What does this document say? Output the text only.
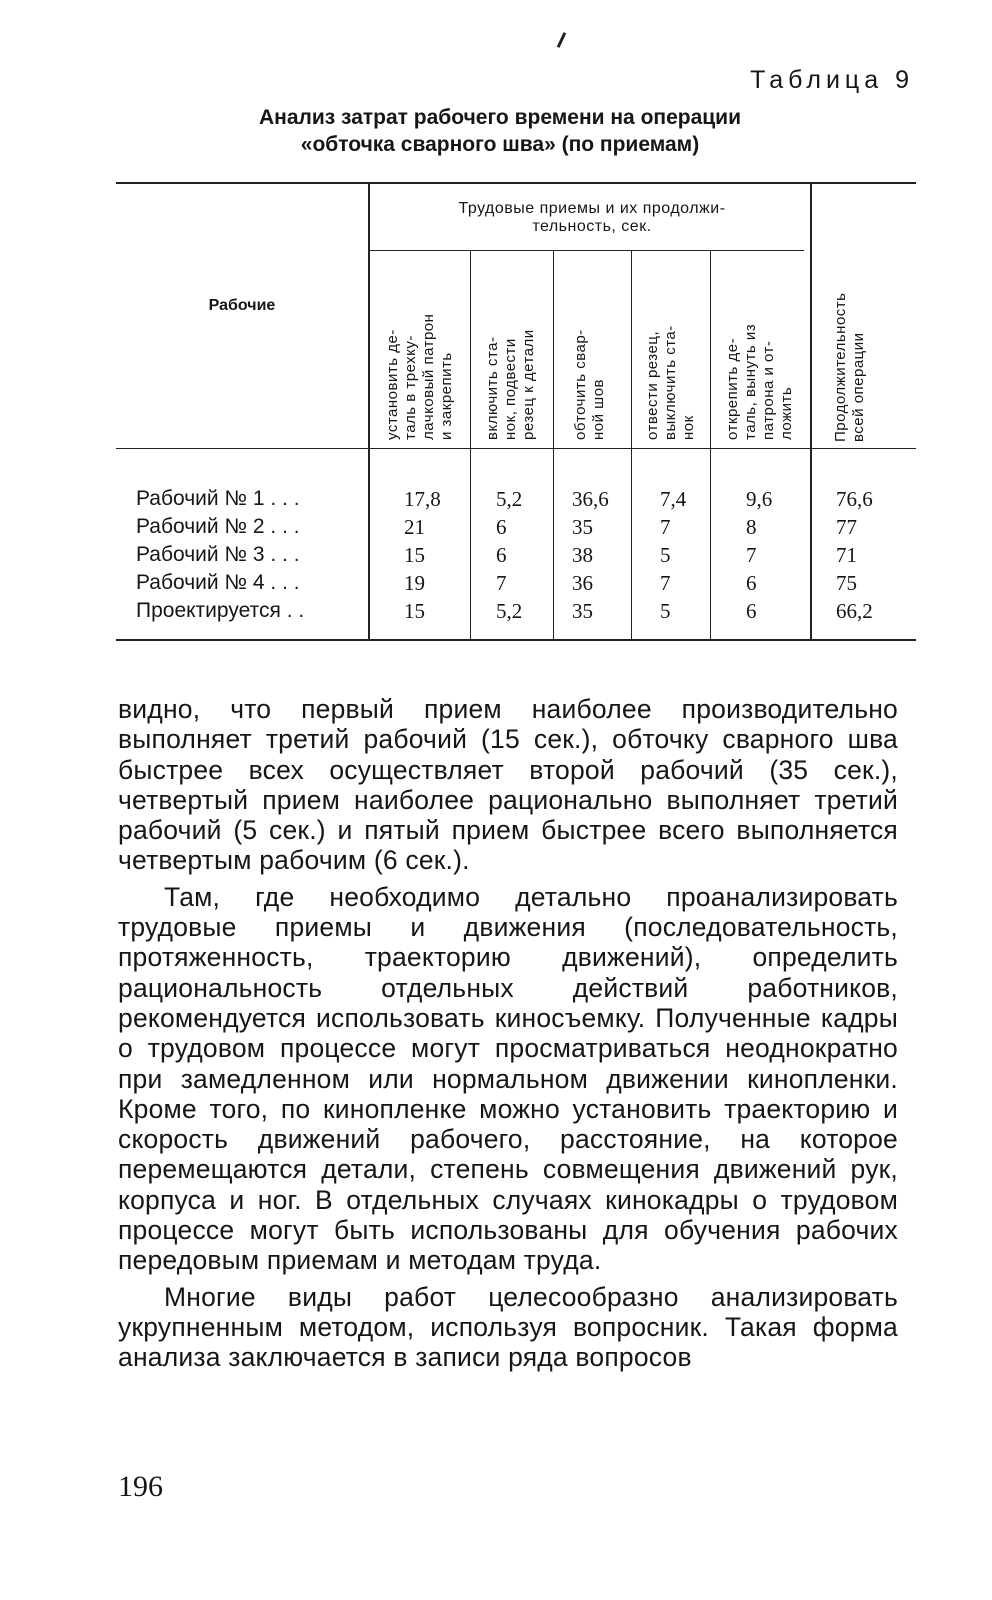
Таблица 9
Анализ затрат рабочего времени на операции
«обточка сварного шва» (по приемам)
Рабочие
Трудовые приемы и их продолжи-
тельность, сек.
установить де- таль в трехку- лачковый патрон и закрепить включить ста- нок, подвести резец к детали обточить свар- ной шов отвести резец, выключить ста- нок открепить де- таль, вынуть из патрона и от- ложить Продолжительность всей операции
Рабочий № 1 . . .
Рабочий № 2 . . .
Рабочий № 3 . . .
Рабочий № 4 . . .
Проектируется . .
17,8
21
15
19
15
5,2
6
6
7
5,2
36,6
35
38
36
35
7,4
7
5
7
5
9,6
8
7
6
6
76,6
77
71
75
66,2

видно, что первый прием наиболее производительно выполняет третий рабочий (15 сек.), обточку сварного шва быстрее всех осуществляет второй рабочий (35 сек.), четвертый прием наиболее рационально выполняет третий рабочий (5 сек.) и пятый прием быстрее всего выполняется четвертым рабочим (6 сек.).

Там, где необходимо детально проанализировать трудовые приемы и движения (последовательность, протяженность, траекторию движений), определить рациональность отдельных действий работников, рекомендуется использовать киносъемку. Полученные кадры о трудовом процессе могут просматриваться неоднократно при замедленном или нормальном движении кинопленки. Кроме того, по кинопленке можно установить траекторию и скорость движений рабочего, расстояние, на которое перемещаются детали, степень совмещения движений рук, корпуса и ног. В отдельных случаях кинокадры о трудовом процессе могут быть использованы для обучения рабочих передовым приемам и методам труда.

Многие виды работ целесообразно анализировать укрупненным методом, используя вопросник. Такая форма анализа заключается в записи ряда вопросов

196
